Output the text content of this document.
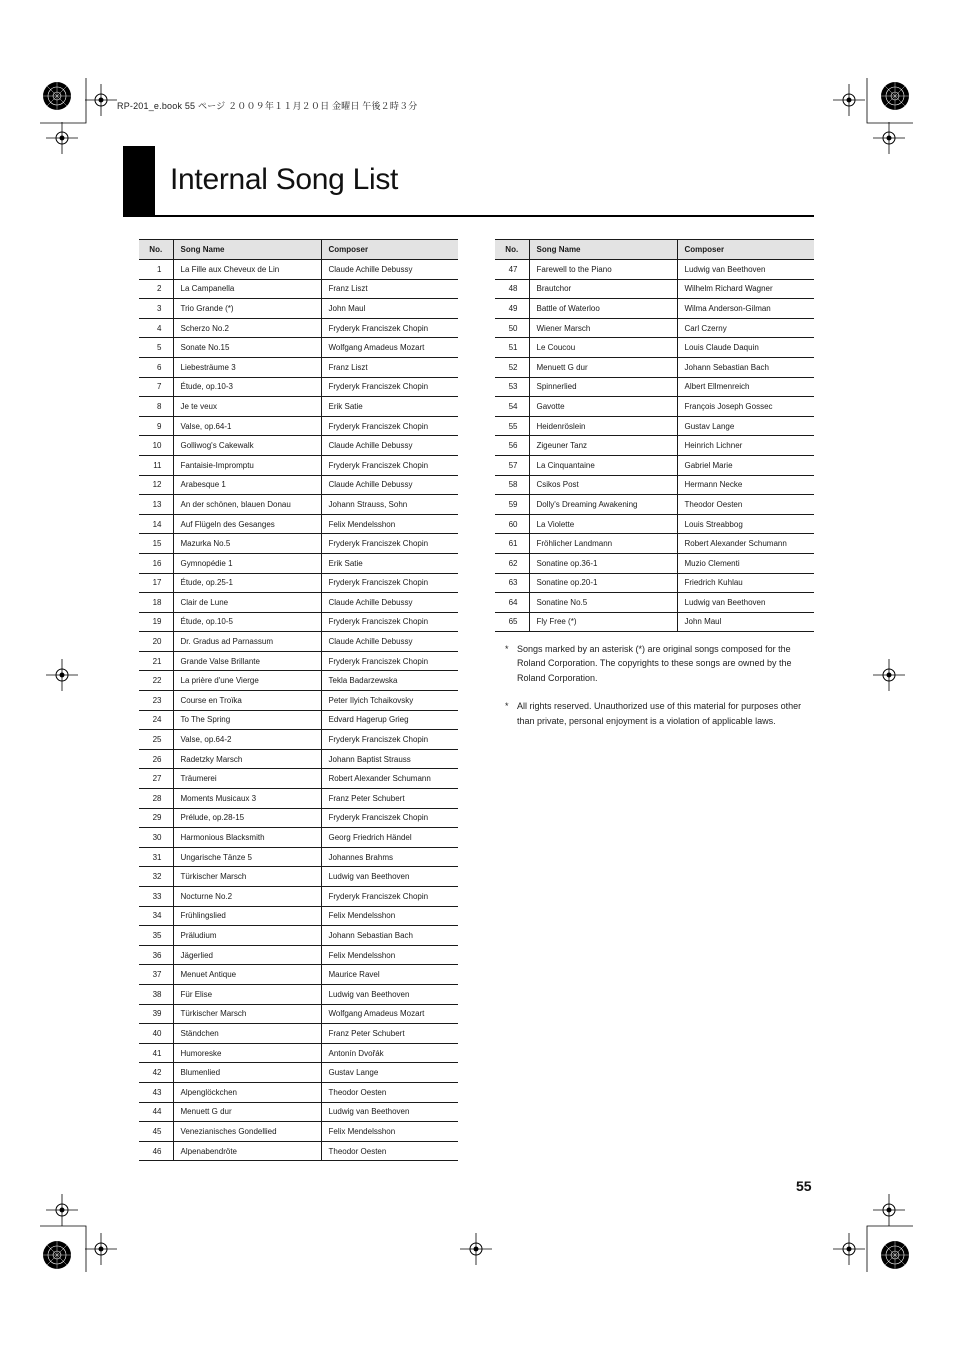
RP-201_e.book 55 ページ ２００９年１１月２０日 金曜日 午後２時３分
Internal Song List
No.	Song Name	Composer
1	La Fille aux Cheveux de Lin	Claude Achille Debussy
2	La Campanella	Franz Liszt
3	Trio Grande (*)	John Maul
4	Scherzo No.2	Fryderyk Franciszek Chopin
5	Sonate No.15	Wolfgang Amadeus Mozart
6	Liebesträume 3	Franz Liszt
7	Étude, op.10-3	Fryderyk Franciszek Chopin
8	Je te veux	Erik Satie
9	Valse, op.64-1	Fryderyk Franciszek Chopin
10	Golliwog's Cakewalk	Claude Achille Debussy
11	Fantaisie-Impromptu	Fryderyk Franciszek Chopin
12	Arabesque 1	Claude Achille Debussy
13	An der schönen, blauen Donau	Johann Strauss, Sohn
14	Auf Flügeln des Gesanges	Felix Mendelsshon
15	Mazurka No.5	Fryderyk Franciszek Chopin
16	Gymnopédie 1	Erik Satie
17	Étude, op.25-1	Fryderyk Franciszek Chopin
18	Clair de Lune	Claude Achille Debussy
19	Étude, op.10-5	Fryderyk Franciszek Chopin
20	Dr. Gradus ad Parnassum	Claude Achille Debussy
21	Grande Valse Brillante	Fryderyk Franciszek Chopin
22	La prière d'une Vierge	Tekla Badarzewska
23	Course en Troïka	Peter Ilyich Tchaikovsky
24	To The Spring	Edvard Hagerup Grieg
25	Valse, op.64-2	Fryderyk Franciszek Chopin
26	Radetzky Marsch	Johann Baptist Strauss
27	Träumerei	Robert Alexander Schumann
28	Moments Musicaux 3	Franz Peter Schubert
29	Prélude, op.28-15	Fryderyk Franciszek Chopin
30	Harmonious Blacksmith	Georg Friedrich Händel
31	Ungarische Tänze 5	Johannes Brahms
32	Türkischer Marsch	Ludwig van Beethoven
33	Nocturne No.2	Fryderyk Franciszek Chopin
34	Frühlingslied	Felix Mendelsshon
35	Präludium	Johann Sebastian Bach
36	Jägerlied	Felix Mendelsshon
37	Menuet Antique	Maurice Ravel
38	Für Elise	Ludwig van Beethoven
39	Türkischer Marsch	Wolfgang Amadeus Mozart
40	Ständchen	Franz Peter Schubert
41	Humoreske	Antonín Dvořák
42	Blumenlied	Gustav Lange
43	Alpenglöckchen	Theodor Oesten
44	Menuett G dur	Ludwig van Beethoven
45	Venezianisches Gondellied	Felix Mendelsshon
46	Alpenabendröte	Theodor Oesten
No.	Song Name	Composer
47	Farewell to the Piano	Ludwig van Beethoven
48	Brautchor	Wilhelm Richard Wagner
49	Battle of Waterloo	Wilma Anderson-Gilman
50	Wiener Marsch	Carl Czerny
51	Le Coucou	Louis Claude Daquin
52	Menuett G dur	Johann Sebastian Bach
53	Spinnerlied	Albert Ellmenreich
54	Gavotte	François Joseph Gossec
55	Heidenröslein	Gustav Lange
56	Zigeuner Tanz	Heinrich Lichner
57	La Cinquantaine	Gabriel Marie
58	Csikos Post	Hermann Necke
59	Dolly's Dreaming Awakening	Theodor Oesten
60	La Violette	Louis Streabbog
61	Fröhlicher Landmann	Robert Alexander Schumann
62	Sonatine op.36-1	Muzio Clementi
63	Sonatine op.20-1	Friedrich Kuhlau
64	Sonatine No.5	Ludwig van Beethoven
65	Fly Free (*)	John Maul
* Songs marked by an asterisk (*) are original songs composed for the Roland Corporation. The copyrights to these songs are owned by the Roland Corporation.
* All rights reserved. Unauthorized use of this material for purposes other than private, personal enjoyment is a violation of applicable laws.
55
